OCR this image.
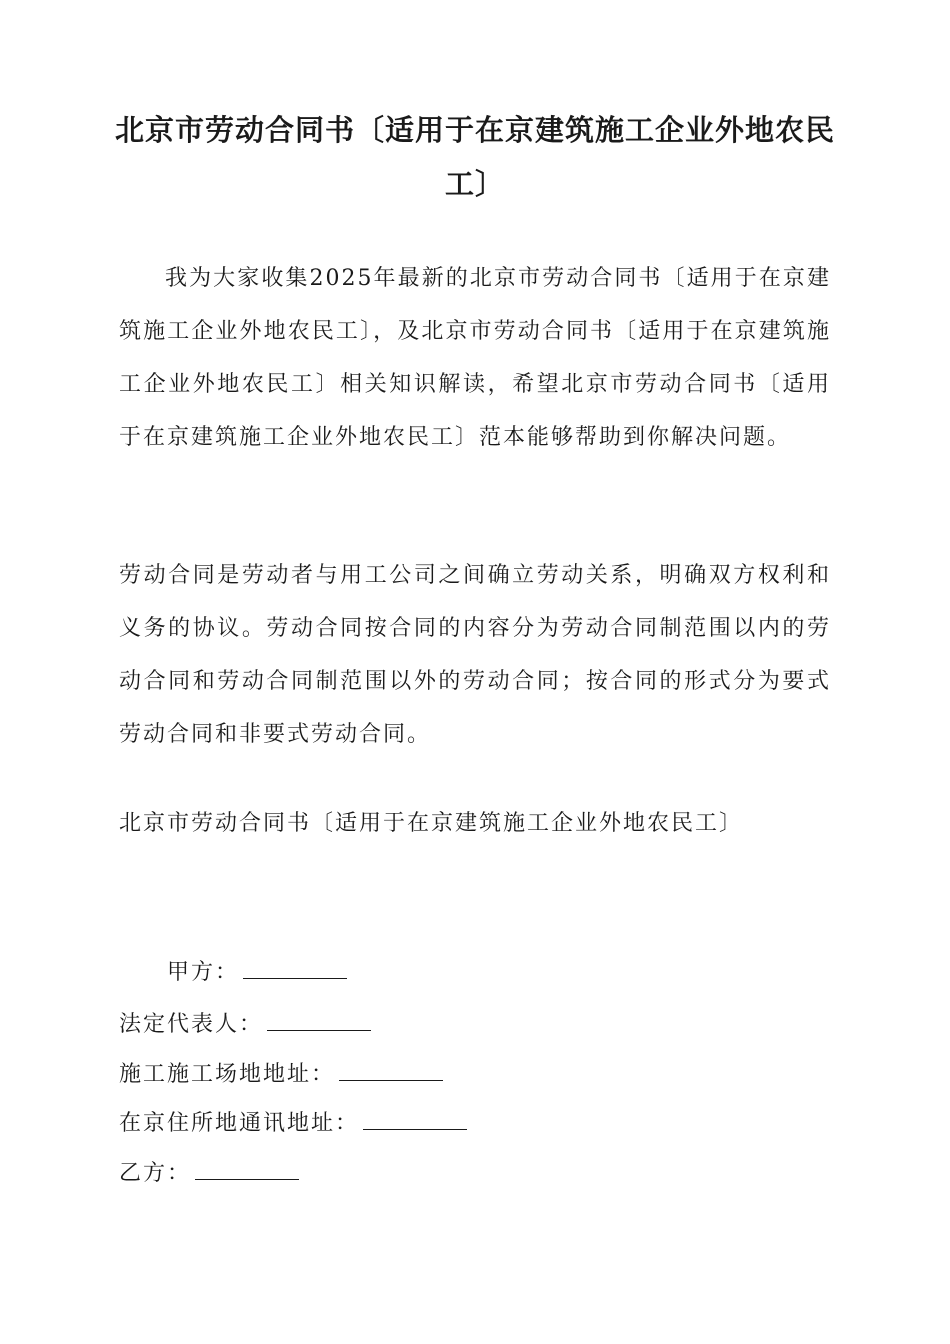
北京市劳动合同书〔适用于在京建筑施工企业外地农民工〕
我为大家收集2025年最新的北京市劳动合同书〔适用于在京建筑施工企业外地农民工〕，及北京市劳动合同书〔适用于在京建筑施工企业外地农民工〕相关知识解读，希望北京市劳动合同书〔适用于在京建筑施工企业外地农民工〕范本能够帮助到你解决问题。
劳动合同是劳动者与用工公司之间确立劳动关系，明确双方权利和义务的协议。劳动合同按合同的内容分为劳动合同制范围以内的劳动合同和劳动合同制范围以外的劳动合同；按合同的形式分为要式劳动合同和非要式劳动合同。
北京市劳动合同书〔适用于在京建筑施工企业外地农民工〕
甲方：
法定代表人：
施工施工场地地址：
在京住所地通讯地址：
乙方：
